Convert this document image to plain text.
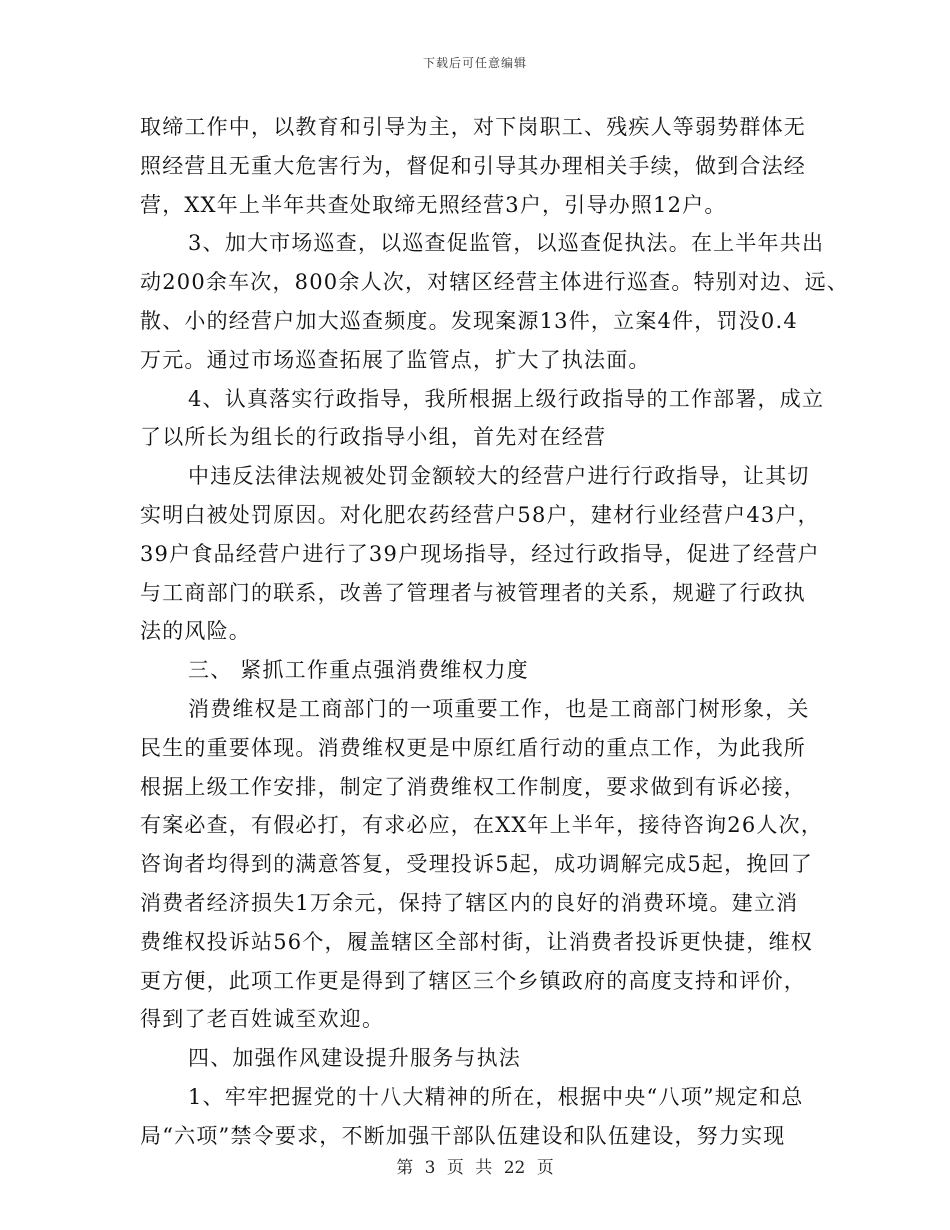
下载后可任意编辑
取缔工作中，以教育和引导为主，对下岗职工、残疾人等弱势群体无
照经营且无重大危害行为，督促和引导其办理相关手续，做到合法经
营，XX年上半年共查处取缔无照经营3户，引导办照12户。
3、加大市场巡查，以巡查促监管，以巡查促执法。在上半年共出
动200余车次，800余人次，对辖区经营主体进行巡查。特别对边、远、
散、小的经营户加大巡查频度。发现案源13件，立案4件，罚没0.4
万元。通过市场巡查拓展了监管点，扩大了执法面。
4、认真落实行政指导，我所根据上级行政指导的工作部署，成立
了以所长为组长的行政指导小组，首先对在经营
中违反法律法规被处罚金额较大的经营户进行行政指导，让其切
实明白被处罚原因。对化肥农药经营户58户，建材行业经营户43户，
39户食品经营户进行了39户现场指导，经过行政指导，促进了经营户
与工商部门的联系，改善了管理者与被管理者的关系，规避了行政执
法的风险。
三、 紧抓工作重点强消费维权力度
消费维权是工商部门的一项重要工作，也是工商部门树形象，关
民生的重要体现。消费维权更是中原红盾行动的重点工作，为此我所
根据上级工作安排，制定了消费维权工作制度，要求做到有诉必接，
有案必查，有假必打，有求必应，在XX年上半年，接待咨询26人次，
咨询者均得到的满意答复，受理投诉5起，成功调解完成5起，挽回了
消费者经济损失1万余元，保持了辖区内的良好的消费环境。建立消
费维权投诉站56个，履盖辖区全部村街，让消费者投诉更快捷，维权
更方便，此项工作更是得到了辖区三个乡镇政府的高度支持和评价，
得到了老百姓诚至欢迎。
四、加强作风建设提升服务与执法
1、牢牢把握党的十八大精神的所在，根据中央“八项”规定和总
局“六项”禁令要求，不断加强干部队伍建设和队伍建设，努力实现
第 3 页 共 22 页
